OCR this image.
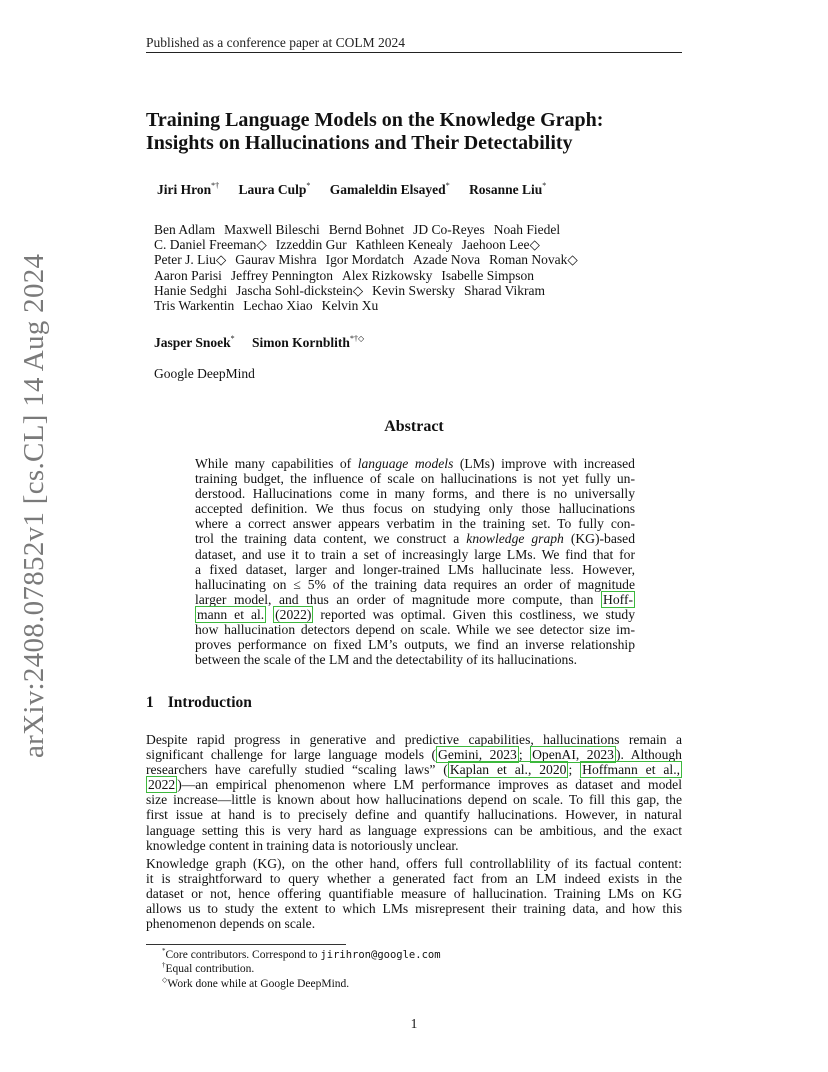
Published as a conference paper at COLM 2024
arXiv:2408.07852v1 [cs.CL] 14 Aug 2024
Training Language Models on the Knowledge Graph:
Insights on Hallucinations and Their Detectability
Jiri Hron*† Laura Culp* Gamaleldin Elsayed* Rosanne Liu*
Ben Adlam Maxwell Bileschi Bernd Bohnet JD Co-Reyes Noah Fiedel
C. Daniel Freeman◇ Izzeddin Gur Kathleen Kenealy Jaehoon Lee◇
Peter J. Liu◇ Gaurav Mishra Igor Mordatch Azade Nova Roman Novak◇
Aaron Parisi Jeffrey Pennington Alex Rizkowsky Isabelle Simpson
Hanie Sedghi Jascha Sohl-dickstein◇ Kevin Swersky Sharad Vikram
Tris Warkentin Lechao Xiao Kelvin Xu
Jasper Snoek* Simon Kornblith*†◇
Google DeepMind
Abstract
While many capabilities of language models (LMs) improve with increased
training budget, the influence of scale on hallucinations is not yet fully un-
derstood. Hallucinations come in many forms, and there is no universally
accepted definition. We thus focus on studying only those hallucinations
where a correct answer appears verbatim in the training set. To fully con-
trol the training data content, we construct a knowledge graph (KG)-based
dataset, and use it to train a set of increasingly large LMs. We find that for
a fixed dataset, larger and longer-trained LMs hallucinate less. However,
hallucinating on ≤ 5% of the training data requires an order of magnitude
larger model, and thus an order of magnitude more compute, than Hoff-
mann et al. (2022) reported was optimal. Given this costliness, we study
how hallucination detectors depend on scale. While we see detector size im-
proves performance on fixed LM’s outputs, we find an inverse relationship
between the scale of the LM and the detectability of its hallucinations.
1 Introduction
Despite rapid progress in generative and predictive capabilities, hallucinations remain a
significant challenge for large language models ( Gemini, 2023 ; OpenAI, 2023 ). Although
researchers have carefully studied “scaling laws” ( Kaplan et al., 2020 ; Hoffmann et al.,
2022 )—an empirical phenomenon where LM performance improves as dataset and model
size increase—little is known about how hallucinations depend on scale. To fill this gap, the
first issue at hand is to precisely define and quantify hallucinations. However, in natural
language setting this is very hard as language expressions can be ambitious, and the exact
knowledge content in training data is notoriously unclear.
Knowledge graph (KG), on the other hand, offers full controllablility of its factual content:
it is straightforward to query whether a generated fact from an LM indeed exists in the
dataset or not, hence offering quantifiable measure of hallucination. Training LMs on KG
allows us to study the extent to which LMs misrepresent their training data, and how this
phenomenon depends on scale.
*Core contributors. Correspond to jirihron@google.com
†Equal contribution.
◇Work done while at Google DeepMind.
1
